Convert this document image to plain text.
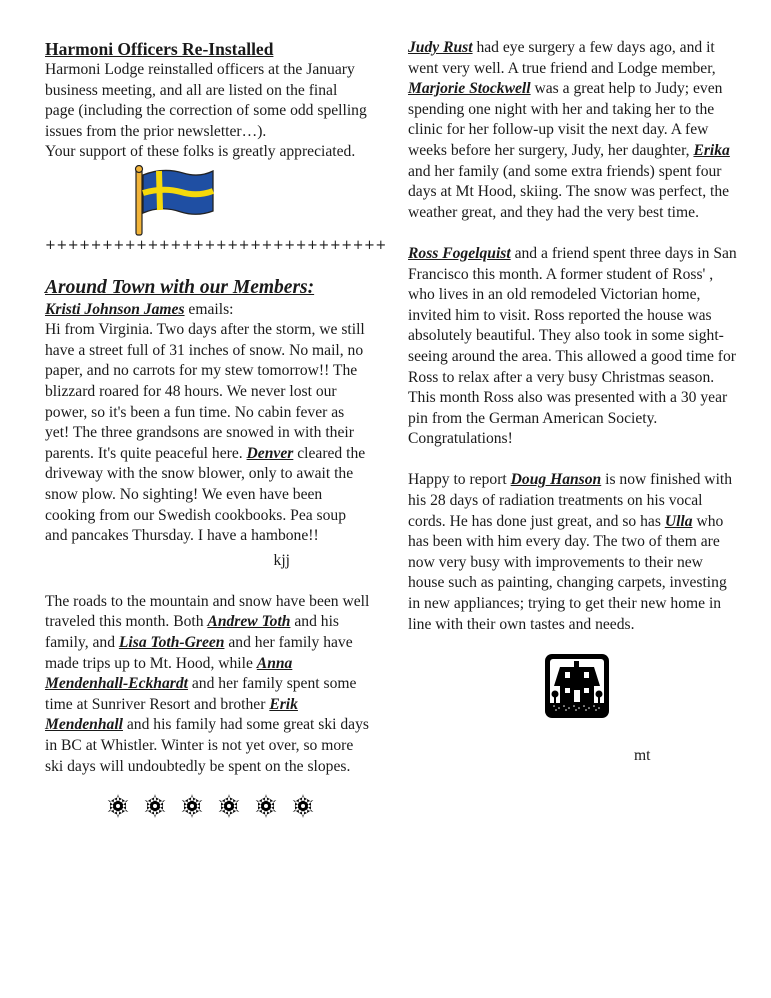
Harmoni Officers Re-Installed

Harmoni Lodge reinstalled officers at the January business meeting, and all are listed on the final page (including the correction of some odd spelling issues from the prior newsletter…).

Your support of these folks is greatly appreciated.

++++++++++++++++++++++++++++++

Around Town with our Members:

Kristi Johnson James emails:

Hi from Virginia. Two days after the storm, we still have a street full of 31 inches of snow. No mail, no paper, and no carrots for my stew tomorrow!! The blizzard roared for 48 hours. We never lost our power, so it's been a fun time. No cabin fever as yet! The three grandsons are snowed in with their parents. It's quite peaceful here. Denver cleared the driveway with the snow blower, only to await the snow plow. No sighting! We even have been cooking from our Swedish cookbooks. Pea soup and pancakes Thursday. I have a hambone!!

kjj

The roads to the mountain and snow have been well traveled this month. Both Andrew Toth and his family, and Lisa Toth-Green and her family have made trips up to Mt. Hood, while Anna Mendenhall-Eckhardt and her family spent some time at Sunriver Resort and brother Erik Mendenhall and his family had some great ski days in BC at Whistler. Winter is not yet over, so more ski days will undoubtedly be spent on the slopes.

Judy Rust had eye surgery a few days ago, and it went very well. A true friend and Lodge member, Marjorie Stockwell was a great help to Judy; even spending one night with her and taking her to the clinic for her follow-up visit the next day. A few weeks before her surgery, Judy, her daughter, Erika and her family (and some extra friends) spent four days at Mt Hood, skiing. The snow was perfect, the weather great, and they had the very best time.

Ross Fogelquist and a friend spent three days in San Francisco this month. A former student of Ross' , who lives in an old remodeled Victorian home, invited him to visit. Ross reported the house was absolutely beautiful. They also took in some sight-seeing around the area. This allowed a good time for Ross to relax after a very busy Christmas season. This month Ross also was presented with a 30 year pin from the German American Society. Congratulations!

Happy to report Doug Hanson is now finished with his 28 days of radiation treatments on his vocal cords. He has done just great, and so has Ulla who has been with him every day. The two of them are now very busy with improvements to their new house such as painting, changing carpets, investing in new appliances; trying to get their new home in line with their own tastes and needs.

mt
